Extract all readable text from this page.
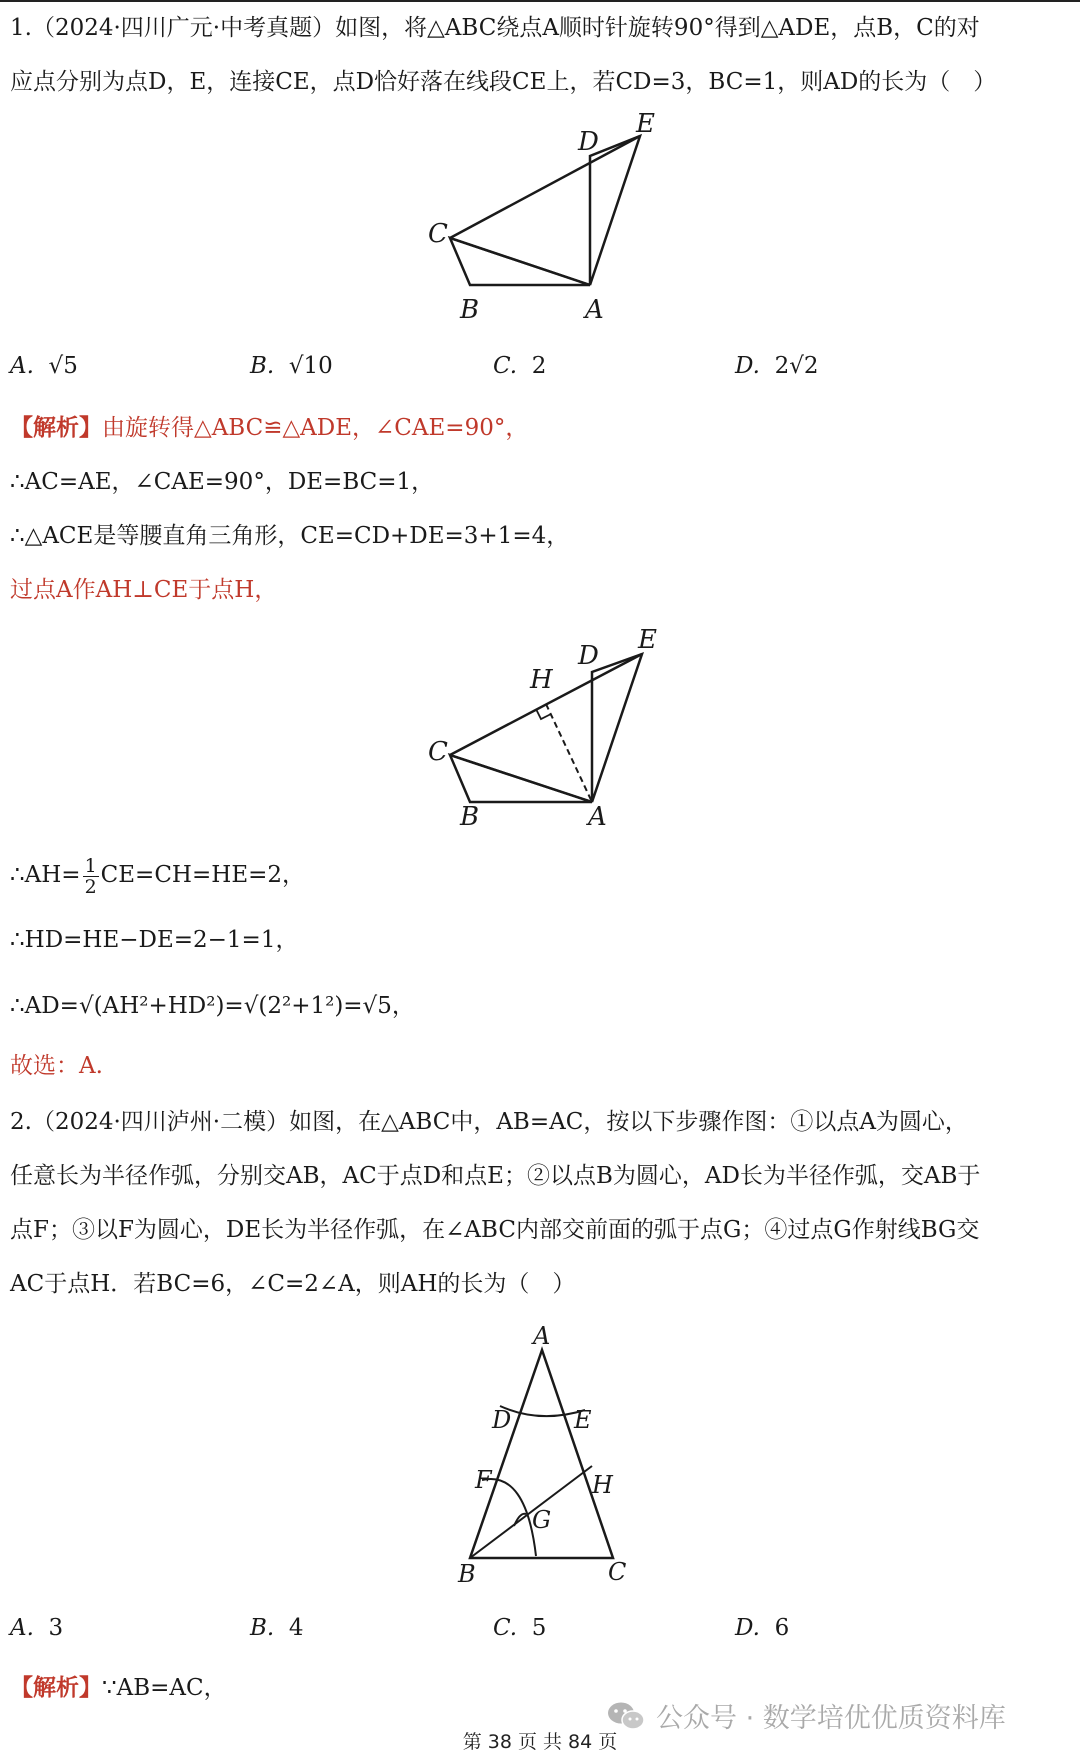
1.（2024·四川广元·中考真题）如图，将△ABC绕点A顺时针旋转90°得到△ADE，点B，C的对
应点分别为点D，E，连接CE，点D恰好落在线段CE上，若CD=3，BC=1，则AD的长为（　）
C
B	A
D
E
A. √5	B. √10	C. 2	D. 2√2
【解析】由旋转得△ABC≌△ADE，∠CAE=90°，
∴AC=AE，∠CAE=90°，DE=BC=1，
∴△ACE是等腰直角三角形，CE=CD+DE=3+1=4，
过点A作AH⊥CE于点H，
C
B	A
D
E
H
∴AH= $\frac{1}{2} CE=CH=HE=2$，
∴HD=HE−DE=2−1=1，
∴AD=√(AH²+HD²)=√(2²+1²)=√5，
故选：A.
2.（2024·四川泸州·二模）如图，在△ABC中，AB=AC，按以下步骤作图：①以点A为圆心，
任意长为半径作弧，分别交AB，AC于点D和点E；②以点B为圆心，AD长为半径作弧，交AB于
点F；③以F为圆心，DE长为半径作弧，在∠ABC内部交前面的弧于点G；④过点G作射线BG交
AC于点H．若BC=6，∠C=2∠A，则AH的长为（　）
A
D	E
F	H
G
B	C
A. 3	B. 4	C. 5	D. 6
【解析】∵AB=AC，
公众号 · 数学培优优质资料库
第 38 页 共 84 页
